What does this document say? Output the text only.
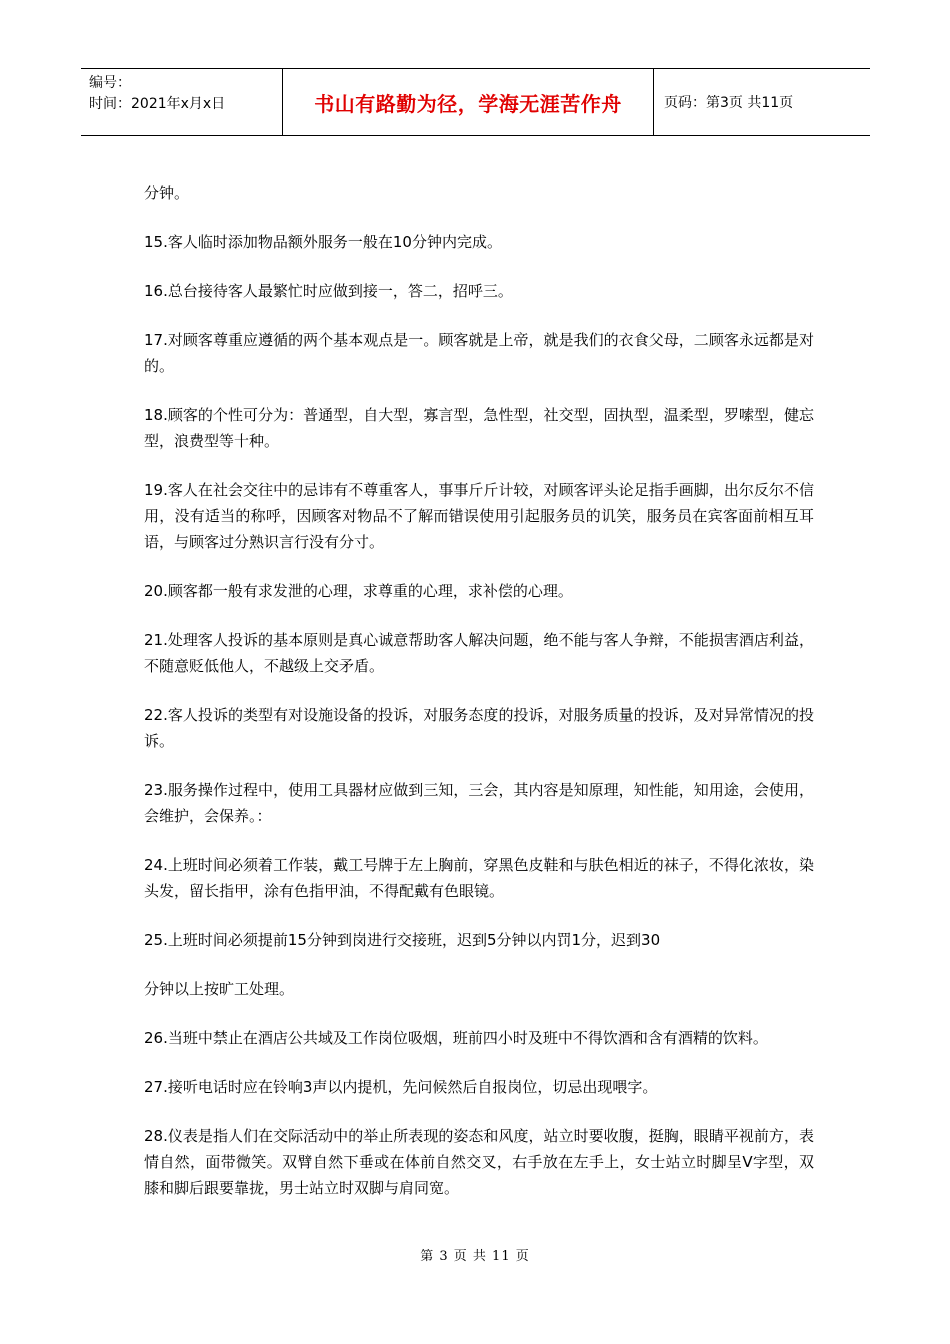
编号：
时间：2021年x月x日	书山有路勤为径，学海无涯苦作舟	页码：第3页 共11页

分钟。

15.客人临时添加物品额外服务一般在10分钟内完成。

16.总台接待客人最繁忙时应做到接一，答二，招呼三。

17.对顾客尊重应遵循的两个基本观点是一。顾客就是上帝，就是我们的衣食父母，二顾客永远都是对的。

18.顾客的个性可分为：普通型，自大型，寡言型，急性型，社交型，固执型，温柔型，罗嗦型，健忘型，浪费型等十种。

19.客人在社会交往中的忌讳有不尊重客人，事事斤斤计较，对顾客评头论足指手画脚，出尔反尔不信用，没有适当的称呼，因顾客对物品不了解而错误使用引起服务员的讥笑，服务员在宾客面前相互耳语，与顾客过分熟识言行没有分寸。

20.顾客都一般有求发泄的心理，求尊重的心理，求补偿的心理。

21.处理客人投诉的基本原则是真心诚意帮助客人解决问题，绝不能与客人争辩，不能损害酒店利益，不随意贬低他人，不越级上交矛盾。

22.客人投诉的类型有对设施设备的投诉，对服务态度的投诉，对服务质量的投诉，及对异常情况的投诉。

23.服务操作过程中，使用工具器材应做到三知，三会，其内容是知原理，知性能，知用途，会使用，会维护，会保养。：

24.上班时间必须着工作装，戴工号牌于左上胸前，穿黑色皮鞋和与肤色相近的袜子，不得化浓妆，染头发，留长指甲，涂有色指甲油，不得配戴有色眼镜。

25.上班时间必须提前15分钟到岗进行交接班，迟到5分钟以内罚1分，迟到30

分钟以上按旷工处理。

26.当班中禁止在酒店公共域及工作岗位吸烟，班前四小时及班中不得饮酒和含有酒精的饮料。

27.接听电话时应在铃响3声以内提机，先问候然后自报岗位，切忌出现喂字。

28.仪表是指人们在交际活动中的举止所表现的姿态和风度，站立时要收腹，挺胸，眼睛平视前方，表情自然，面带微笑。双臂自然下垂或在体前自然交叉，右手放在左手上，女士站立时脚呈V字型，双膝和脚后跟要靠拢，男士站立时双脚与肩同宽。

第 3 页 共 11 页
